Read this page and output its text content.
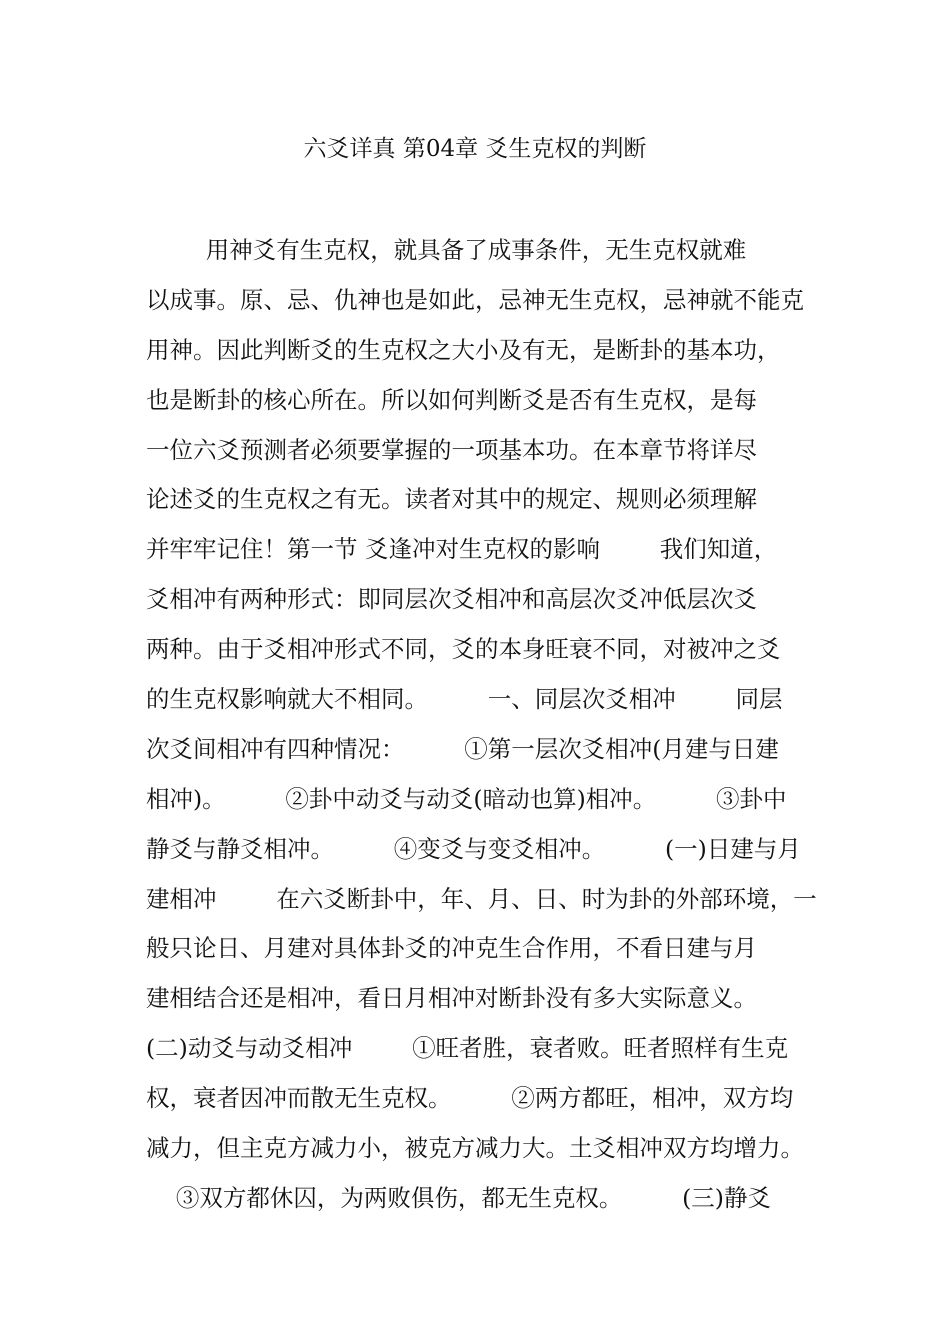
六爻详真 第04章 爻生克权的判断
用神爻有生克权，就具备了成事条件，无生克权就难
以成事。原、忌、仇神也是如此，忌神无生克权，忌神就不能克
用神。因此判断爻的生克权之大小及有无，是断卦的基本功，
也是断卦的核心所在。所以如何判断爻是否有生克权，是每
一位六爻预测者必须要掌握的一项基本功。在本章节将详尽
论述爻的生克权之有无。读者对其中的规定、规则必须理解
并牢牢记住！第一节 爻逢冲对生克权的影响        我们知道，
爻相冲有两种形式：即同层次爻相冲和高层次爻冲低层次爻
两种。由于爻相冲形式不同，爻的本身旺衰不同，对被冲之爻
的生克权影响就大不相同。        一、同层次爻相冲        同层
次爻间相冲有四种情况：        ①第一层次爻相冲(月建与日建
相冲)。        ②卦中动爻与动爻(暗动也算)相冲。        ③卦中
静爻与静爻相冲。        ④变爻与变爻相冲。        (一)日建与月
建相冲        在六爻断卦中，年、月、日、时为卦的外部环境，一
般只论日、月建对具体卦爻的冲克生合作用，不看日建与月
建相结合还是相冲，看日月相冲对断卦没有多大实际意义。
(二)动爻与动爻相冲        ①旺者胜，衰者败。旺者照样有生克
权，衰者因冲而散无生克权。        ②两方都旺，相冲，双方均
减力，但主克方减力小，被克方减力大。土爻相冲双方均增力。
③双方都休囚，为两败俱伤，都无生克权。        (三)静爻
